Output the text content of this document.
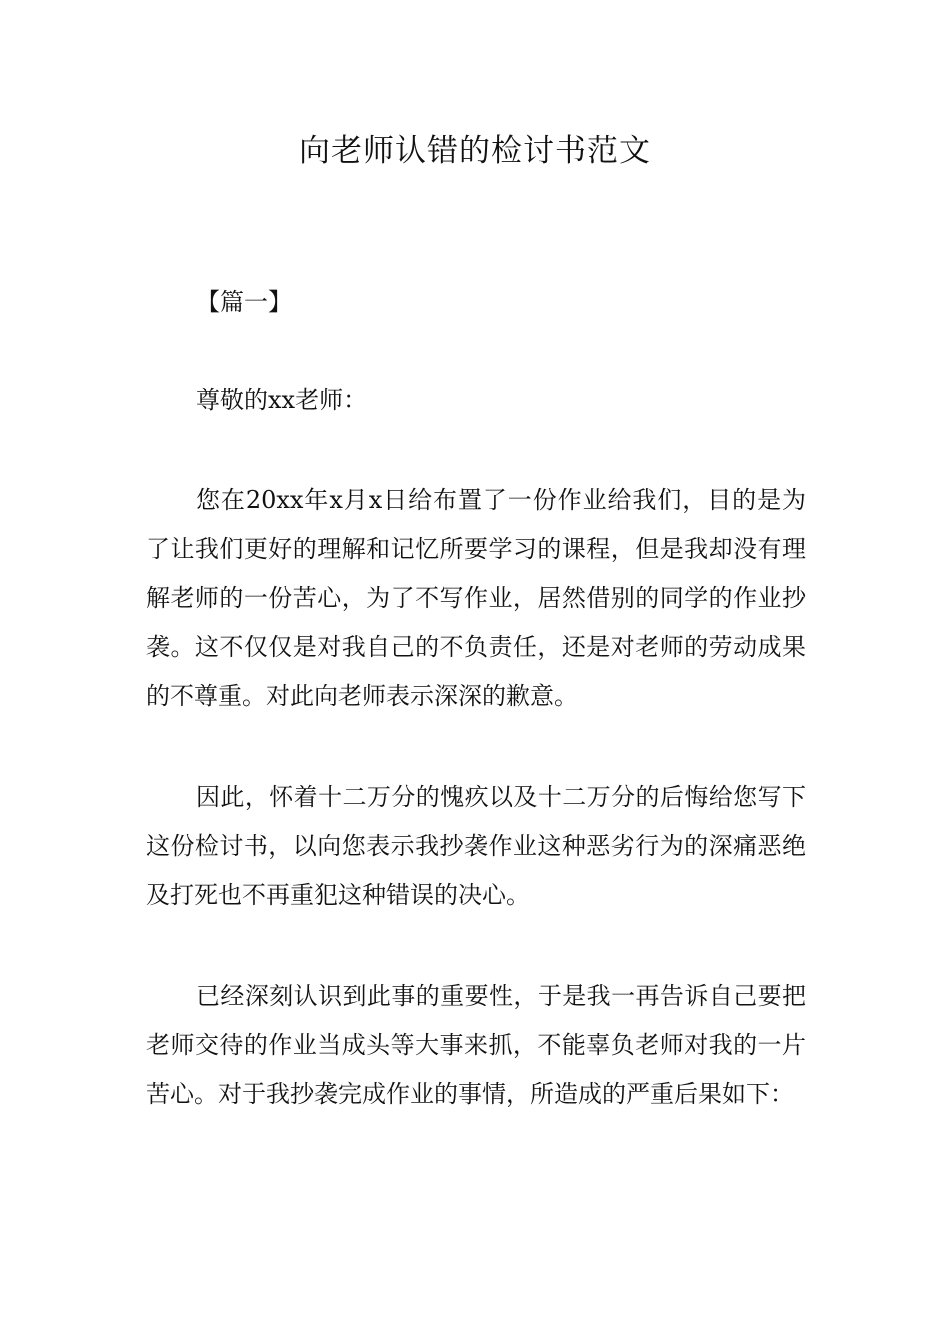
向老师认错的检讨书范文
【篇一】

尊敬的xx老师：

您在20xx年x月x日给布置了一份作业给我们，目的是为了让我们更好的理解和记忆所要学习的课程，但是我却没有理解老师的一份苦心，为了不写作业，居然借别的同学的作业抄袭。这不仅仅是对我自己的不负责任，还是对老师的劳动成果的不尊重。对此向老师表示深深的歉意。

因此，怀着十二万分的愧疚以及十二万分的后悔给您写下这份检讨书，以向您表示我抄袭作业这种恶劣行为的深痛恶绝及打死也不再重犯这种错误的决心。

已经深刻认识到此事的重要性，于是我一再告诉自己要把老师交待的作业当成头等大事来抓，不能辜负老师对我的一片苦心。对于我抄袭完成作业的事情，所造成的严重后果如下：
